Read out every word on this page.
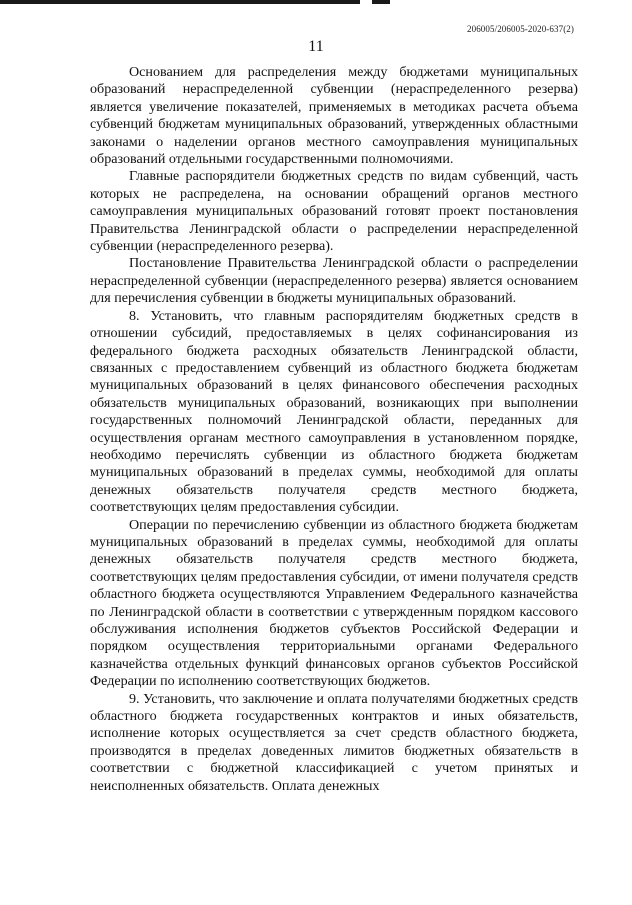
206005/206005-2020-637(2)
11

Основанием для распределения между бюджетами муниципальных образований нераспределенной субвенции (нераспределенного резерва) является увеличение показателей, применяемых в методиках расчета объема субвенций бюджетам муниципальных образований, утвержденных областными законами о наделении органов местного самоуправления муниципальных образований отдельными государственными полномочиями.

Главные распорядители бюджетных средств по видам субвенций, часть которых не распределена, на основании обращений органов местного самоуправления муниципальных образований готовят проект постановления Правительства Ленинградской области о распределении нераспределенной субвенции (нераспределенного резерва).

Постановление Правительства Ленинградской области о распределении нераспределенной субвенции (нераспределенного резерва) является основанием для перечисления субвенции в бюджеты муниципальных образований.

8. Установить, что главным распорядителям бюджетных средств в отношении субсидий, предоставляемых в целях софинансирования из федерального бюджета расходных обязательств Ленинградской области, связанных с предоставлением субвенций из областного бюджета бюджетам муниципальных образований в целях финансового обеспечения расходных обязательств муниципальных образований, возникающих при выполнении государственных полномочий Ленинградской области, переданных для осуществления органам местного самоуправления в установленном порядке, необходимо перечислять субвенции из областного бюджета бюджетам муниципальных образований в пределах суммы, необходимой для оплаты денежных обязательств получателя средств местного бюджета, соответствующих целям предоставления субсидии.

Операции по перечислению субвенции из областного бюджета бюджетам муниципальных образований в пределах суммы, необходимой для оплаты денежных обязательств получателя средств местного бюджета, соответствующих целям предоставления субсидии, от имени получателя средств областного бюджета осуществляются Управлением Федерального казначейства по Ленинградской области в соответствии с утвержденным порядком кассового обслуживания исполнения бюджетов субъектов Российской Федерации и порядком осуществления территориальными органами Федерального казначейства отдельных функций финансовых органов субъектов Российской Федерации по исполнению соответствующих бюджетов.

9. Установить, что заключение и оплата получателями бюджетных средств областного бюджета государственных контрактов и иных обязательств, исполнение которых осуществляется за счет средств областного бюджета, производятся в пределах доведенных лимитов бюджетных обязательств в соответствии с бюджетной классификацией с учетом принятых и неисполненных обязательств. Оплата денежных
